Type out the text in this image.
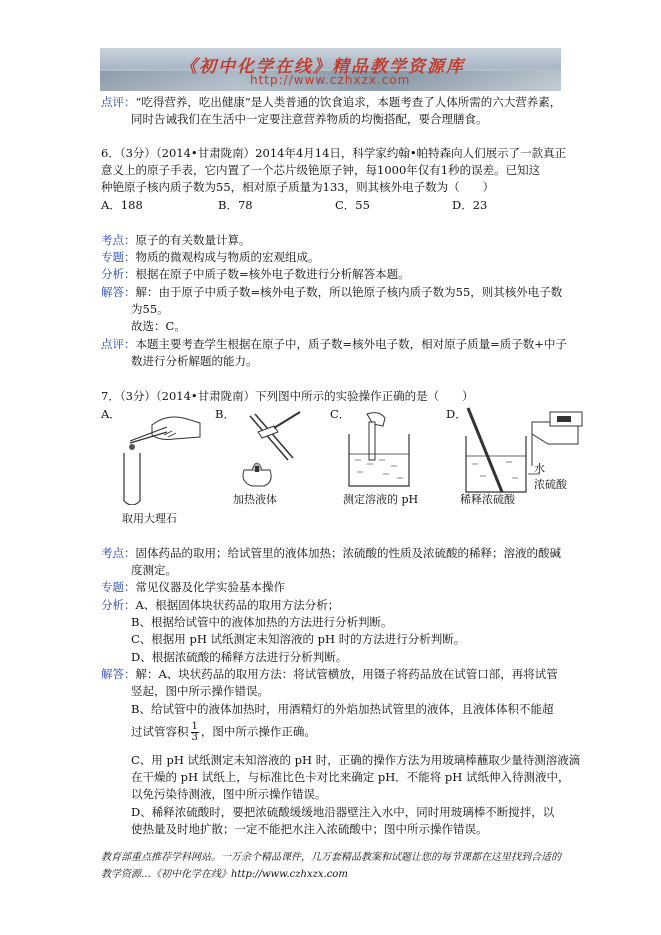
《初中化学在线》精品教学资源库
http://www.czhxzx.com
点评：“吃得营养，吃出健康”是人类普通的饮食追求，本题考查了人体所需的六大营养素，
同时告诫我们在生活中一定要注意营养物质的均衡搭配，要合理膳食。
6．（3分）（2014•甘肃陇南）2014年4月14日，科学家约翰•帕特森向人们展示了一款真正
意义上的原子手表，它内置了一个芯片级铯原子钟，每1000年仅有1秒的误差。已知这
种铯原子核内质子数为55，相对原子质量为133，则其核外电子数为（　　）
A．188	B．78	C．55	D．23
考点：原子的有关数量计算。
专题：物质的微观构成与物质的宏观组成。
分析：根据在原子中质子数=核外电子数进行分析解答本题。
解答：解：由于原子中质子数=核外电子数，所以铯原子核内质子数为55，则其核外电子数
为55。
故选：C。
点评：本题主要考查学生根据在原子中，质子数=核外电子数，相对原子质量=质子数+中子
数进行分析解题的能力。
7．（3分）（2014•甘肃陇南）下列图中所示的实验操作正确的是（　　）
A．	B．	C．	D．
取用大理石
加热液体	测定溶液的 pH
水
浓硫酸
稀释浓硫酸
考点：固体药品的取用；给试管里的液体加热；浓硫酸的性质及浓硫酸的稀释；溶液的酸碱
度测定。
专题：常见仪器及化学实验基本操作
分析：A、根据固体块状药品的取用方法分析；
B、根据给试管中的液体加热的方法进行分析判断。
C、根据用 pH 试纸测定未知溶液的 pH 时的方法进行分析判断。
D、根据浓硫酸的稀释方法进行分析判断。
解答：解：A、块状药品的取用方法：将试管横放，用镊子将药品放在试管口部，再将试管
竖起，图中所示操作错误。
B、给试管中的液体加热时，用酒精灯的外焰加热试管里的液体，且液体体积不能超
过试管容积 $\frac{1}{3}$ ，图中所示操作正确。
C、用 pH 试纸测定未知溶液的 pH 时，正确的操作方法为用玻璃棒蘸取少量待测溶液滴
在干燥的 pH 试纸上，与标准比色卡对比来确定 pH．不能将 pH 试纸伸入待测液中，
以免污染待测液，图中所示操作错误。
D、稀释浓硫酸时，要把浓硫酸缓缓地沿器壁注入水中，同时用玻璃棒不断搅拌，以
使热量及时地扩散；一定不能把水注入浓硫酸中；图中所示操作错误。
教育部重点推荐学科网站。一万余个精品课件，几万套精品教案和试题让您的每节课都在这里找到合适的
教学资源…《初中化学在线》http://www.czhxzx.com
